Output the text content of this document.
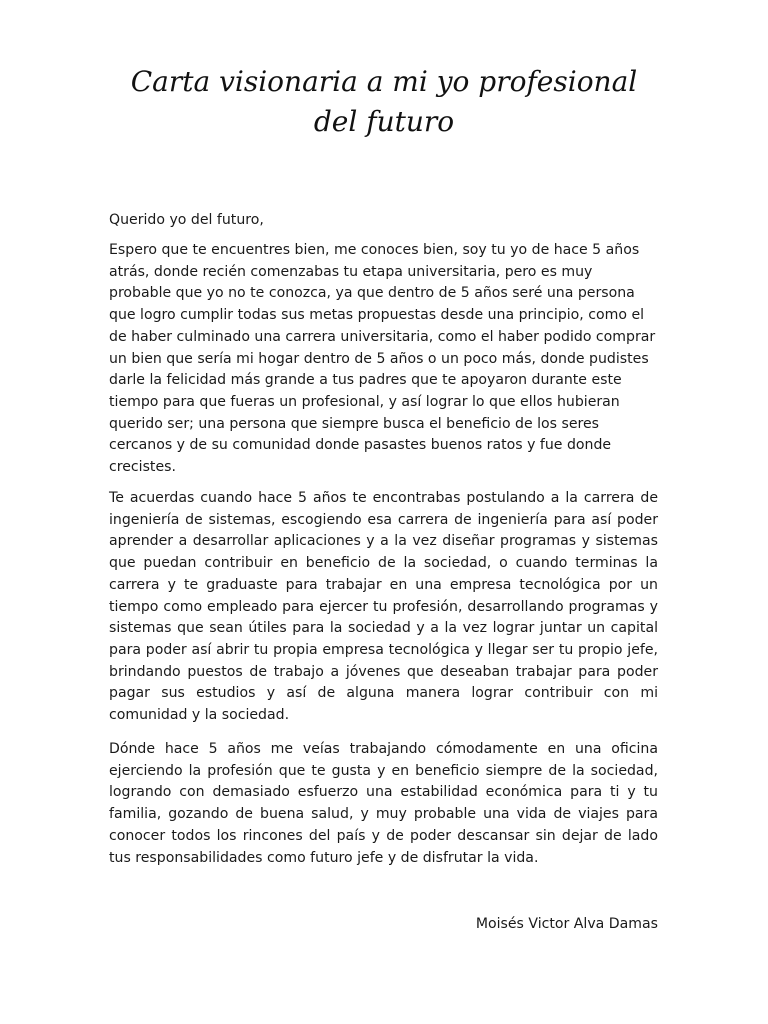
Carta visionaria a mi yo profesional del futuro
Querido yo del futuro,
Espero que te encuentres bien, me conoces bien, soy tu yo de hace 5 años atrás, donde recién comenzabas tu etapa universitaria, pero es muy probable que yo no te conozca, ya que dentro de 5 años seré una persona que logro cumplir todas sus metas propuestas desde una principio, como el de haber culminado una carrera universitaria, como el haber podido comprar un bien que sería mi hogar dentro de 5 años o un poco más, donde pudistes darle la felicidad más grande a tus padres que te apoyaron durante este tiempo para que fueras un profesional, y así lograr lo que ellos hubieran querido ser; una persona que siempre busca el beneficio de los seres cercanos y de su comunidad donde pasastes buenos ratos y fue donde crecistes.
Te acuerdas cuando hace 5 años te encontrabas postulando a la carrera de ingeniería de sistemas, escogiendo esa carrera de ingeniería para así poder aprender a desarrollar aplicaciones y a la vez diseñar programas y sistemas que puedan contribuir en beneficio de la sociedad, o cuando terminas la carrera y te graduaste para trabajar en una empresa tecnológica por un tiempo como empleado para ejercer tu profesión, desarrollando programas y sistemas que sean útiles para la sociedad y a la vez lograr juntar un capital para poder así abrir tu propia empresa tecnológica y llegar ser tu propio jefe, brindando puestos de trabajo a jóvenes que deseaban trabajar para poder pagar sus estudios y así de alguna manera lograr contribuir con mi comunidad y la sociedad.
Dónde hace 5 años me veías trabajando cómodamente en una oficina ejerciendo la profesión que te gusta y en beneficio siempre de la sociedad, logrando con demasiado esfuerzo una estabilidad económica para ti y tu familia, gozando de buena salud, y muy probable una vida de viajes para conocer todos los rincones del país y de poder descansar sin dejar de lado tus responsabilidades como futuro jefe y de disfrutar la vida.
Moisés Victor Alva Damas
